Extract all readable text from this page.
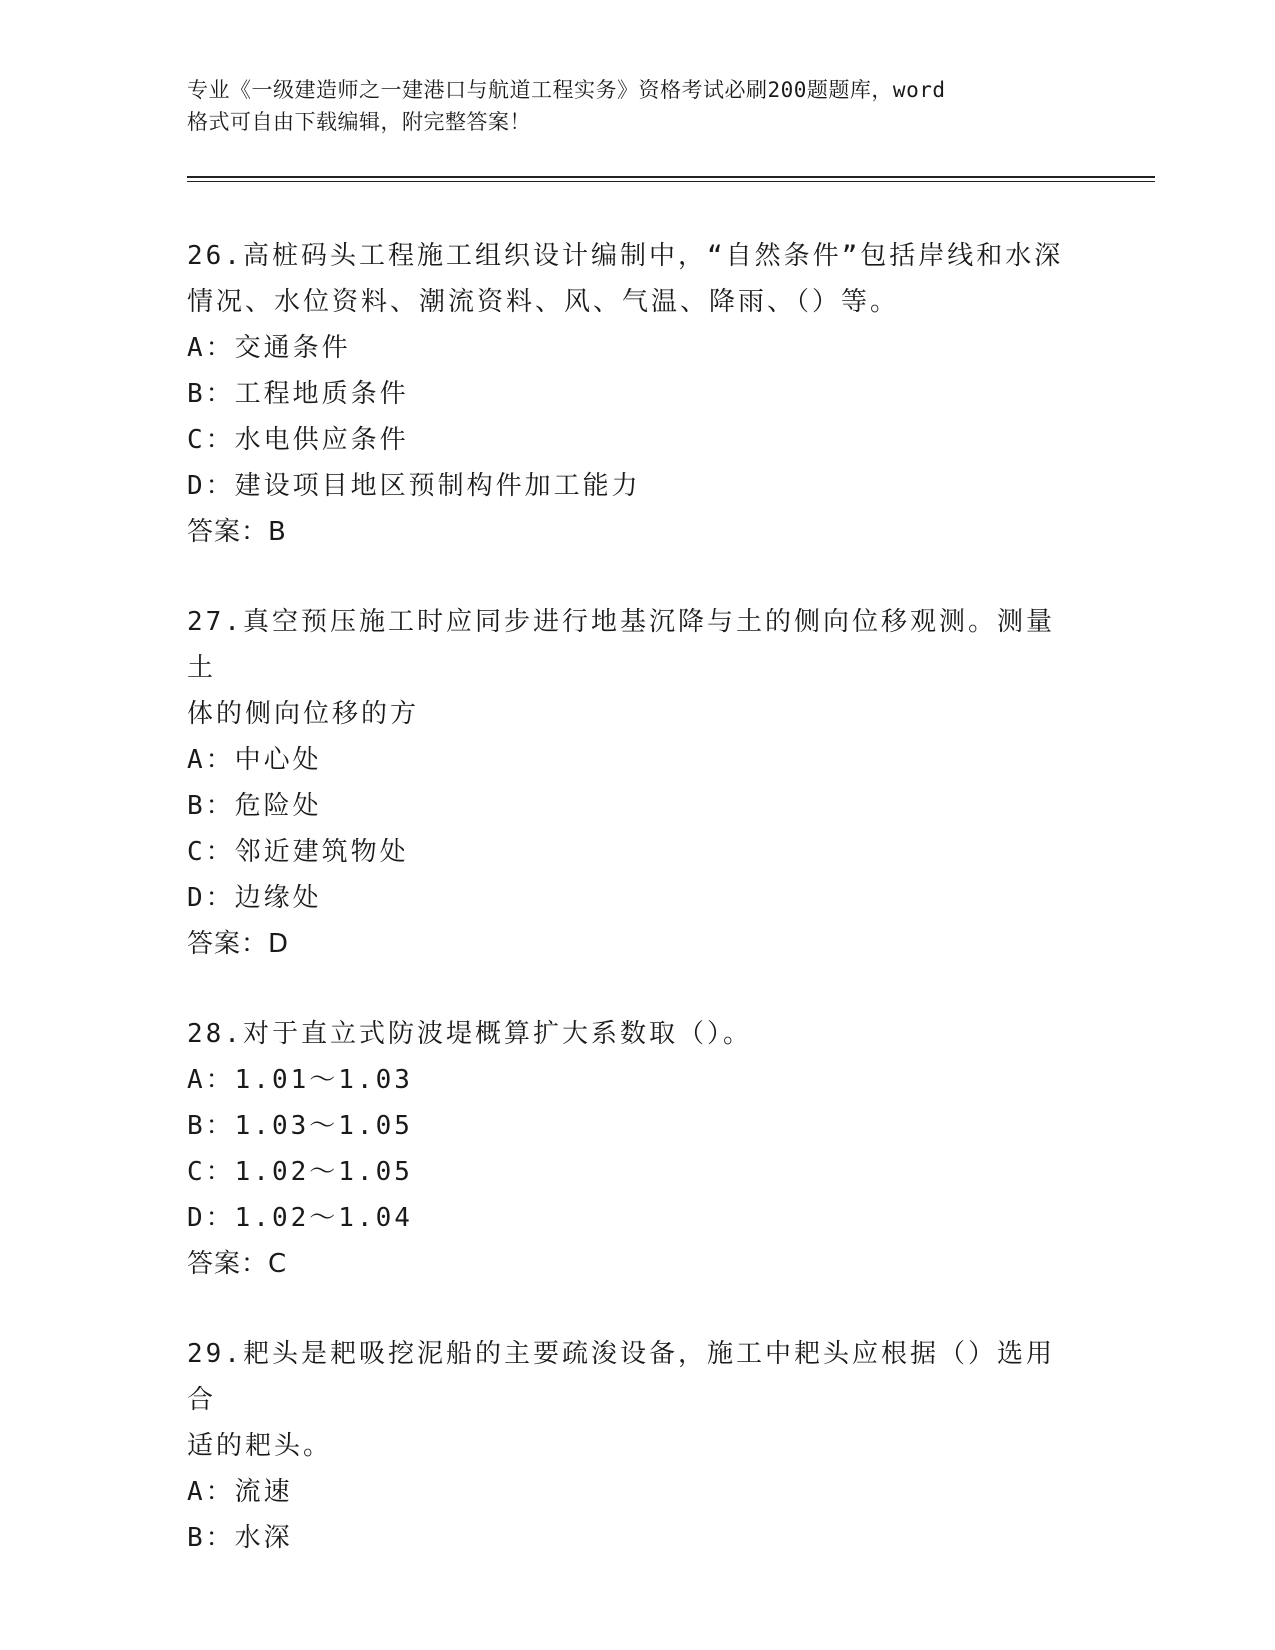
专业《一级建造师之一建港口与航道工程实务》资格考试必刷200题题库，word
格式可自由下载编辑，附完整答案！
26.高桩码头工程施工组织设计编制中，“自然条件”包括岸线和水深
情况、水位资料、潮流资料、风、气温、降雨、（）等。
A：交通条件
B：工程地质条件
C：水电供应条件
D：建设项目地区预制构件加工能力
答案：B
27.真空预压施工时应同步进行地基沉降与土的侧向位移观测。测量土
体的侧向位移的方
A：中心处
B：危险处
C：邻近建筑物处
D：边缘处
答案：D
28.对于直立式防波堤概算扩大系数取（）。
A：1.01～1.03
B：1.03～1.05
C：1.02～1.05
D：1.02～1.04
答案：C
29.耙头是耙吸挖泥船的主要疏浚设备，施工中耙头应根据（）选用合
适的耙头。
A：流速
B：水深
